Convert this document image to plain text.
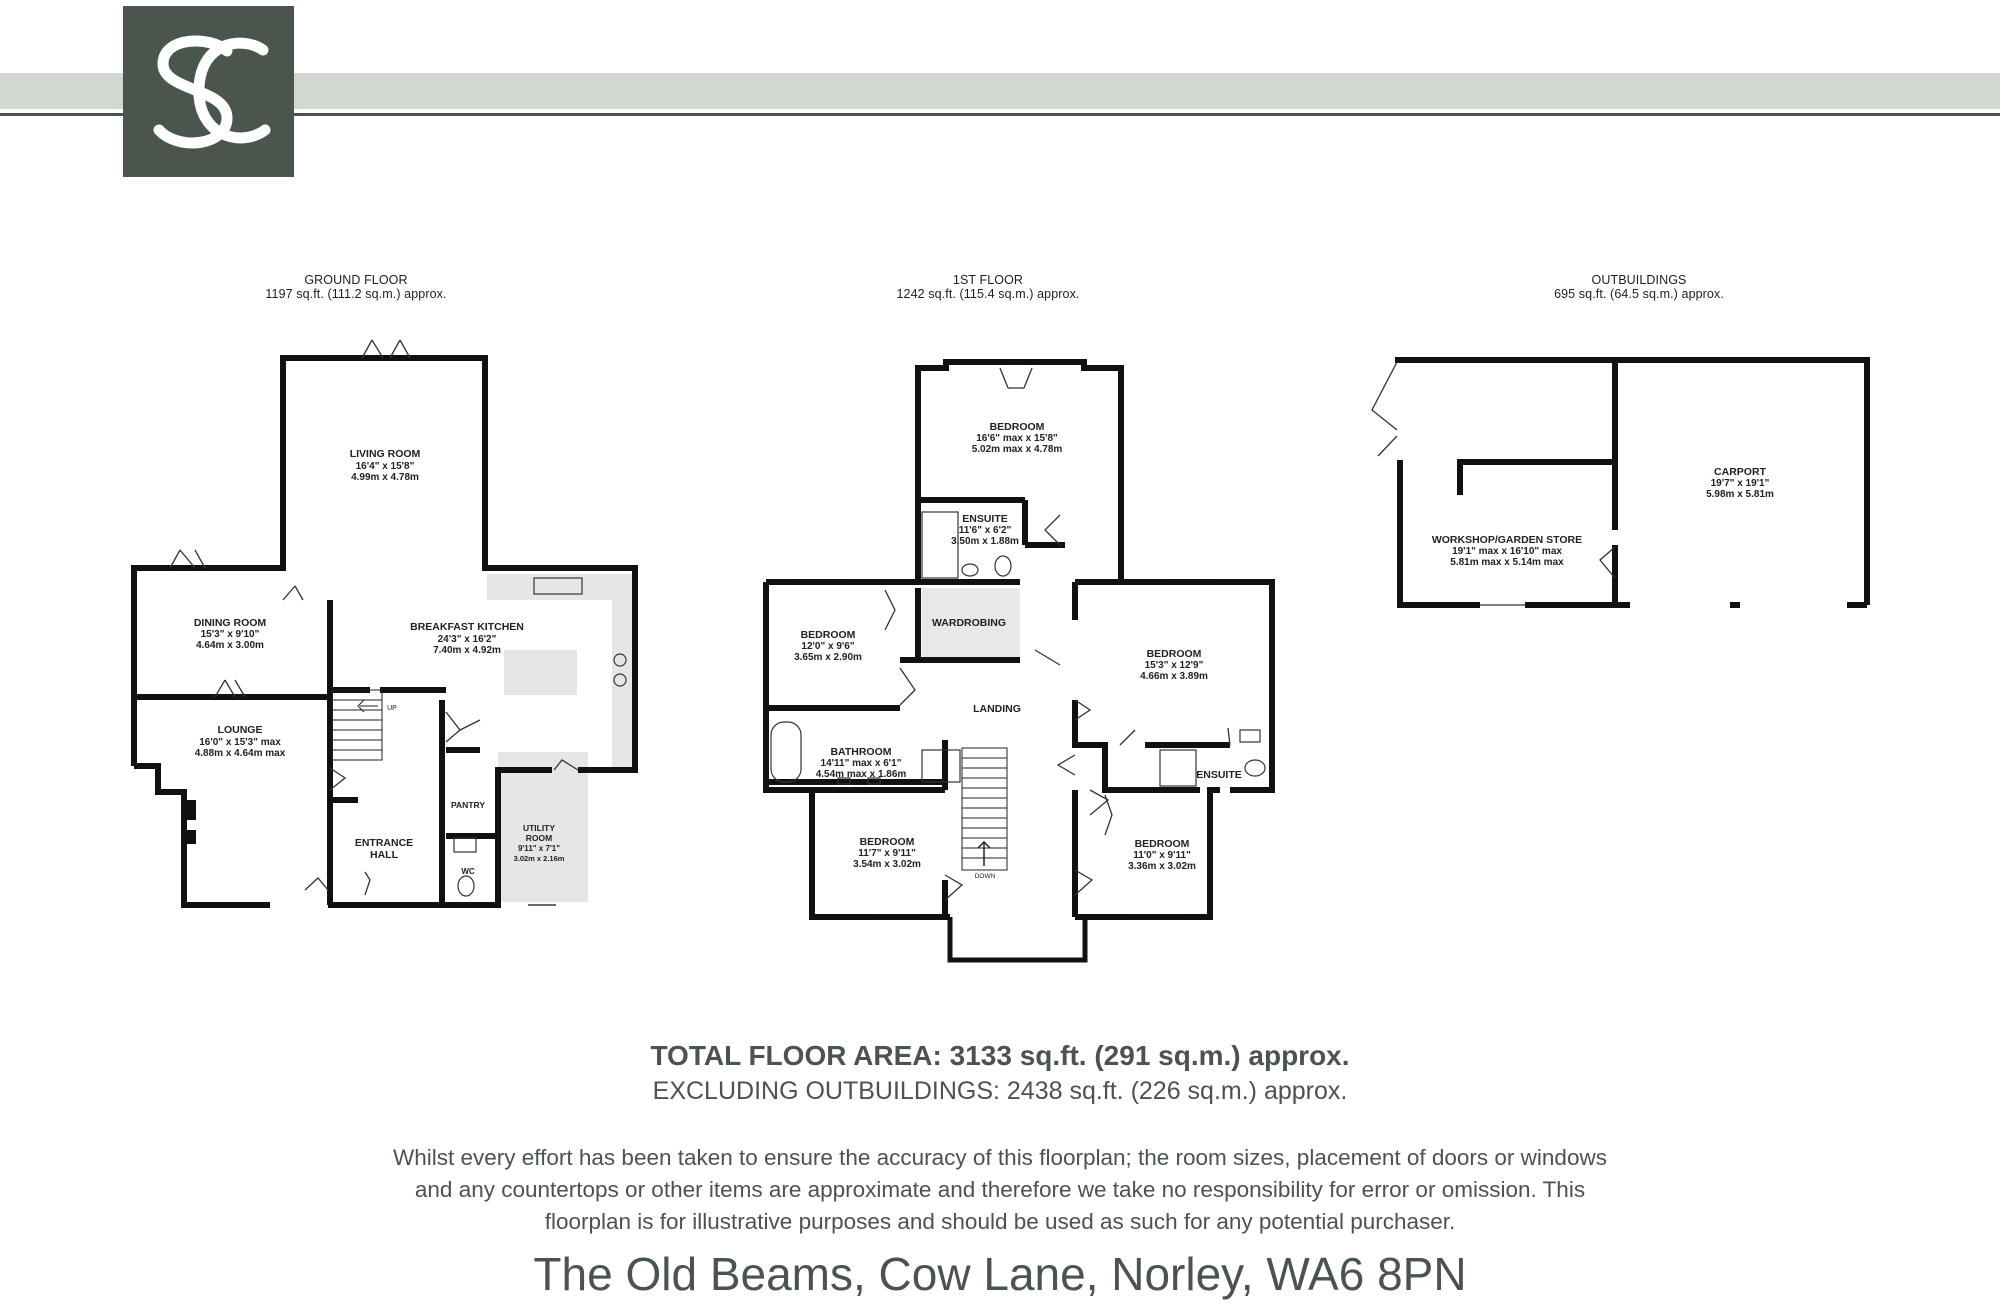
GROUND FLOOR
1197 sq.ft. (111.2 sq.m.) approx.
1ST FLOOR
1242 sq.ft. (115.4 sq.m.) approx.
OUTBUILDINGS
695 sq.ft. (64.5 sq.m.) approx.
LIVING ROOM
16'4" x 15'8"
4.99m x 4.78m
DINING ROOM
15'3" x 9'10"
4.64m x 3.00m
BREAKFAST KITCHEN
24'3" x 16'2"
7.40m x 4.92m
LOUNGE
16'0" x 15'3" max
4.88m x 4.64m max
PANTRY
UTILITY
ROOM
9'11" x 7'1"
3.02m x 2.16m
ENTRANCE
HALL
WC
UP
BEDROOM
16'6" max x 15'8"
5.02m max x 4.78m
ENSUITE
11'6" x 6'2"
3.50m x 1.88m
BEDROOM
12'0" x 9'6"
3.65m x 2.90m
WARDROBING
BEDROOM
15'3" x 12'9"
4.66m x 3.89m
LANDING
BATHROOM
14'11" max x 6'1"
4.54m max x 1.86m	ENSUITE
BEDROOM
11'7" x 9'11"
3.54m x 3.02m
BEDROOM
11'0" x 9'11"
3.36m x 3.02m
DOWN
WORKSHOP/GARDEN STORE
19'1" max x 16'10" max
5.81m max x 5.14m max
CARPORT
19'7" x 19'1"
5.98m x 5.81m
TOTAL FLOOR AREA: 3133 sq.ft. (291 sq.m.) approx.
EXCLUDING OUTBUILDINGS: 2438 sq.ft. (226 sq.m.) approx.
Whilst every effort has been taken to ensure the accuracy of this floorplan; the room sizes, placement of doors or windows and any countertops or other items are approximate and therefore we take no responsibility for error or omission. This floorplan is for illustrative purposes and should be used as such for any potential purchaser.
The Old Beams, Cow Lane, Norley, WA6 8PN
